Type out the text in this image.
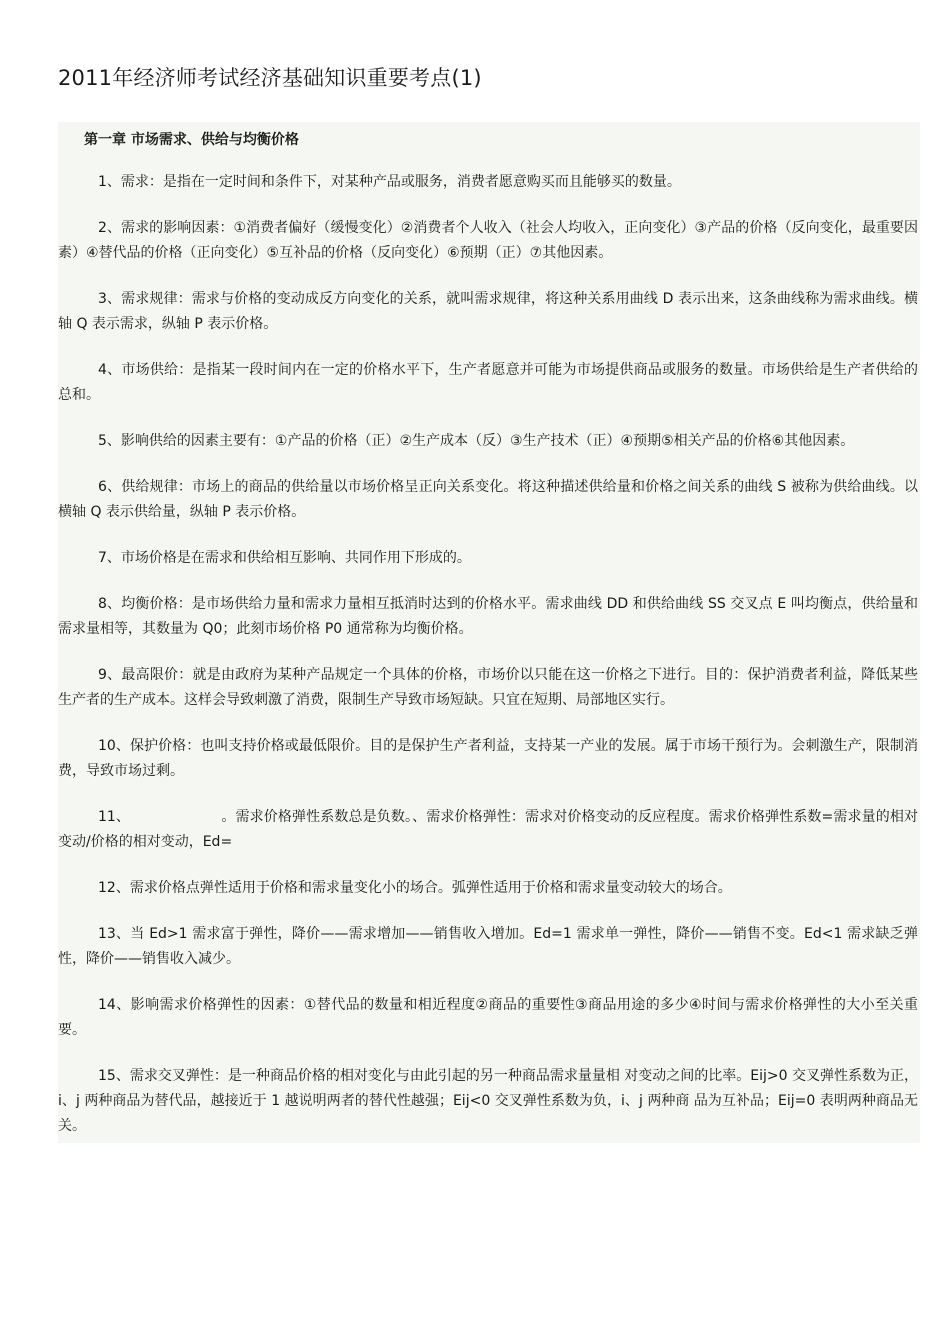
2011年经济师考试经济基础知识重要考点(1)
第一章 市场需求、供给与均衡价格

1、需求：是指在一定时间和条件下，对某种产品或服务，消费者愿意购买而且能够买的数量。

2、需求的影响因素：①消费者偏好（缓慢变化）②消费者个人收入（社会人均收入，正向变化）③产品的价格（反向变化，最重要因素）④替代品的价格（正向变化）⑤互补品的价格（反向变化）⑥预期（正）⑦其他因素。

3、需求规律：需求与价格的变动成反方向变化的关系，就叫需求规律，将这种关系用曲线 D 表示出来，这条曲线称为需求曲线。横轴 Q 表示需求，纵轴 P 表示价格。

4、市场供给：是指某一段时间内在一定的价格水平下，生产者愿意并可能为市场提供商品或服务的数量。市场供给是生产者供给的总和。

5、影响供给的因素主要有：①产品的价格（正）②生产成本（反）③生产技术（正）④预期⑤相关产品的价格⑥其他因素。

6、供给规律：市场上的商品的供给量以市场价格呈正向关系变化。将这种描述供给量和价格之间关系的曲线 S 被称为供给曲线。以横轴 Q 表示供给量，纵轴 P 表示价格。

7、市场价格是在需求和供给相互影响、共同作用下形成的。

8、均衡价格：是市场供给力量和需求力量相互抵消时达到的价格水平。需求曲线 DD 和供给曲线 SS 交叉点 E 叫均衡点，供给量和需求量相等，其数量为 Q0；此刻市场价格 P0 通常称为均衡价格。

9、最高限价：就是由政府为某种产品规定一个具体的价格，市场价以只能在这一价格之下进行。目的：保护消费者利益，降低某些生产者的生产成本。这样会导致刺激了消费，限制生产导致市场短缺。只宜在短期、局部地区实行。

10、保护价格：也叫支持价格或最低限价。目的是保护生产者利益，支持某一产业的发展。属于市场干预行为。会刺激生产，限制消费，导致市场过剩。

11、                    。需求价格弹性系数总是负数。、需求价格弹性：需求对价格变动的反应程度。需求价格弹性系数=需求量的相对变动/价格的相对变动，Ed=

12、需求价格点弹性适用于价格和需求量变化小的场合。弧弹性适用于价格和需求量变动较大的场合。

13、当 Ed>1 需求富于弹性，降价——需求增加——销售收入增加。Ed=1 需求单一弹性，降价——销售不变。Ed<1 需求缺乏弹性，降价——销售收入减少。

14、影响需求价格弹性的因素：①替代品的数量和相近程度②商品的重要性③商品用途的多少④时间与需求价格弹性的大小至关重要。

15、需求交叉弹性：是一种商品价格的相对变化与由此引起的另一种商品需求量量相 对变动之间的比率。Eij>0 交叉弹性系数为正，i、j 两种商品为替代品，越接近于 1 越说明两者的替代性越强；Eij<0 交叉弹性系数为负，i、j 两种商 品为互补品；Eij=0 表明两种商品无关。
